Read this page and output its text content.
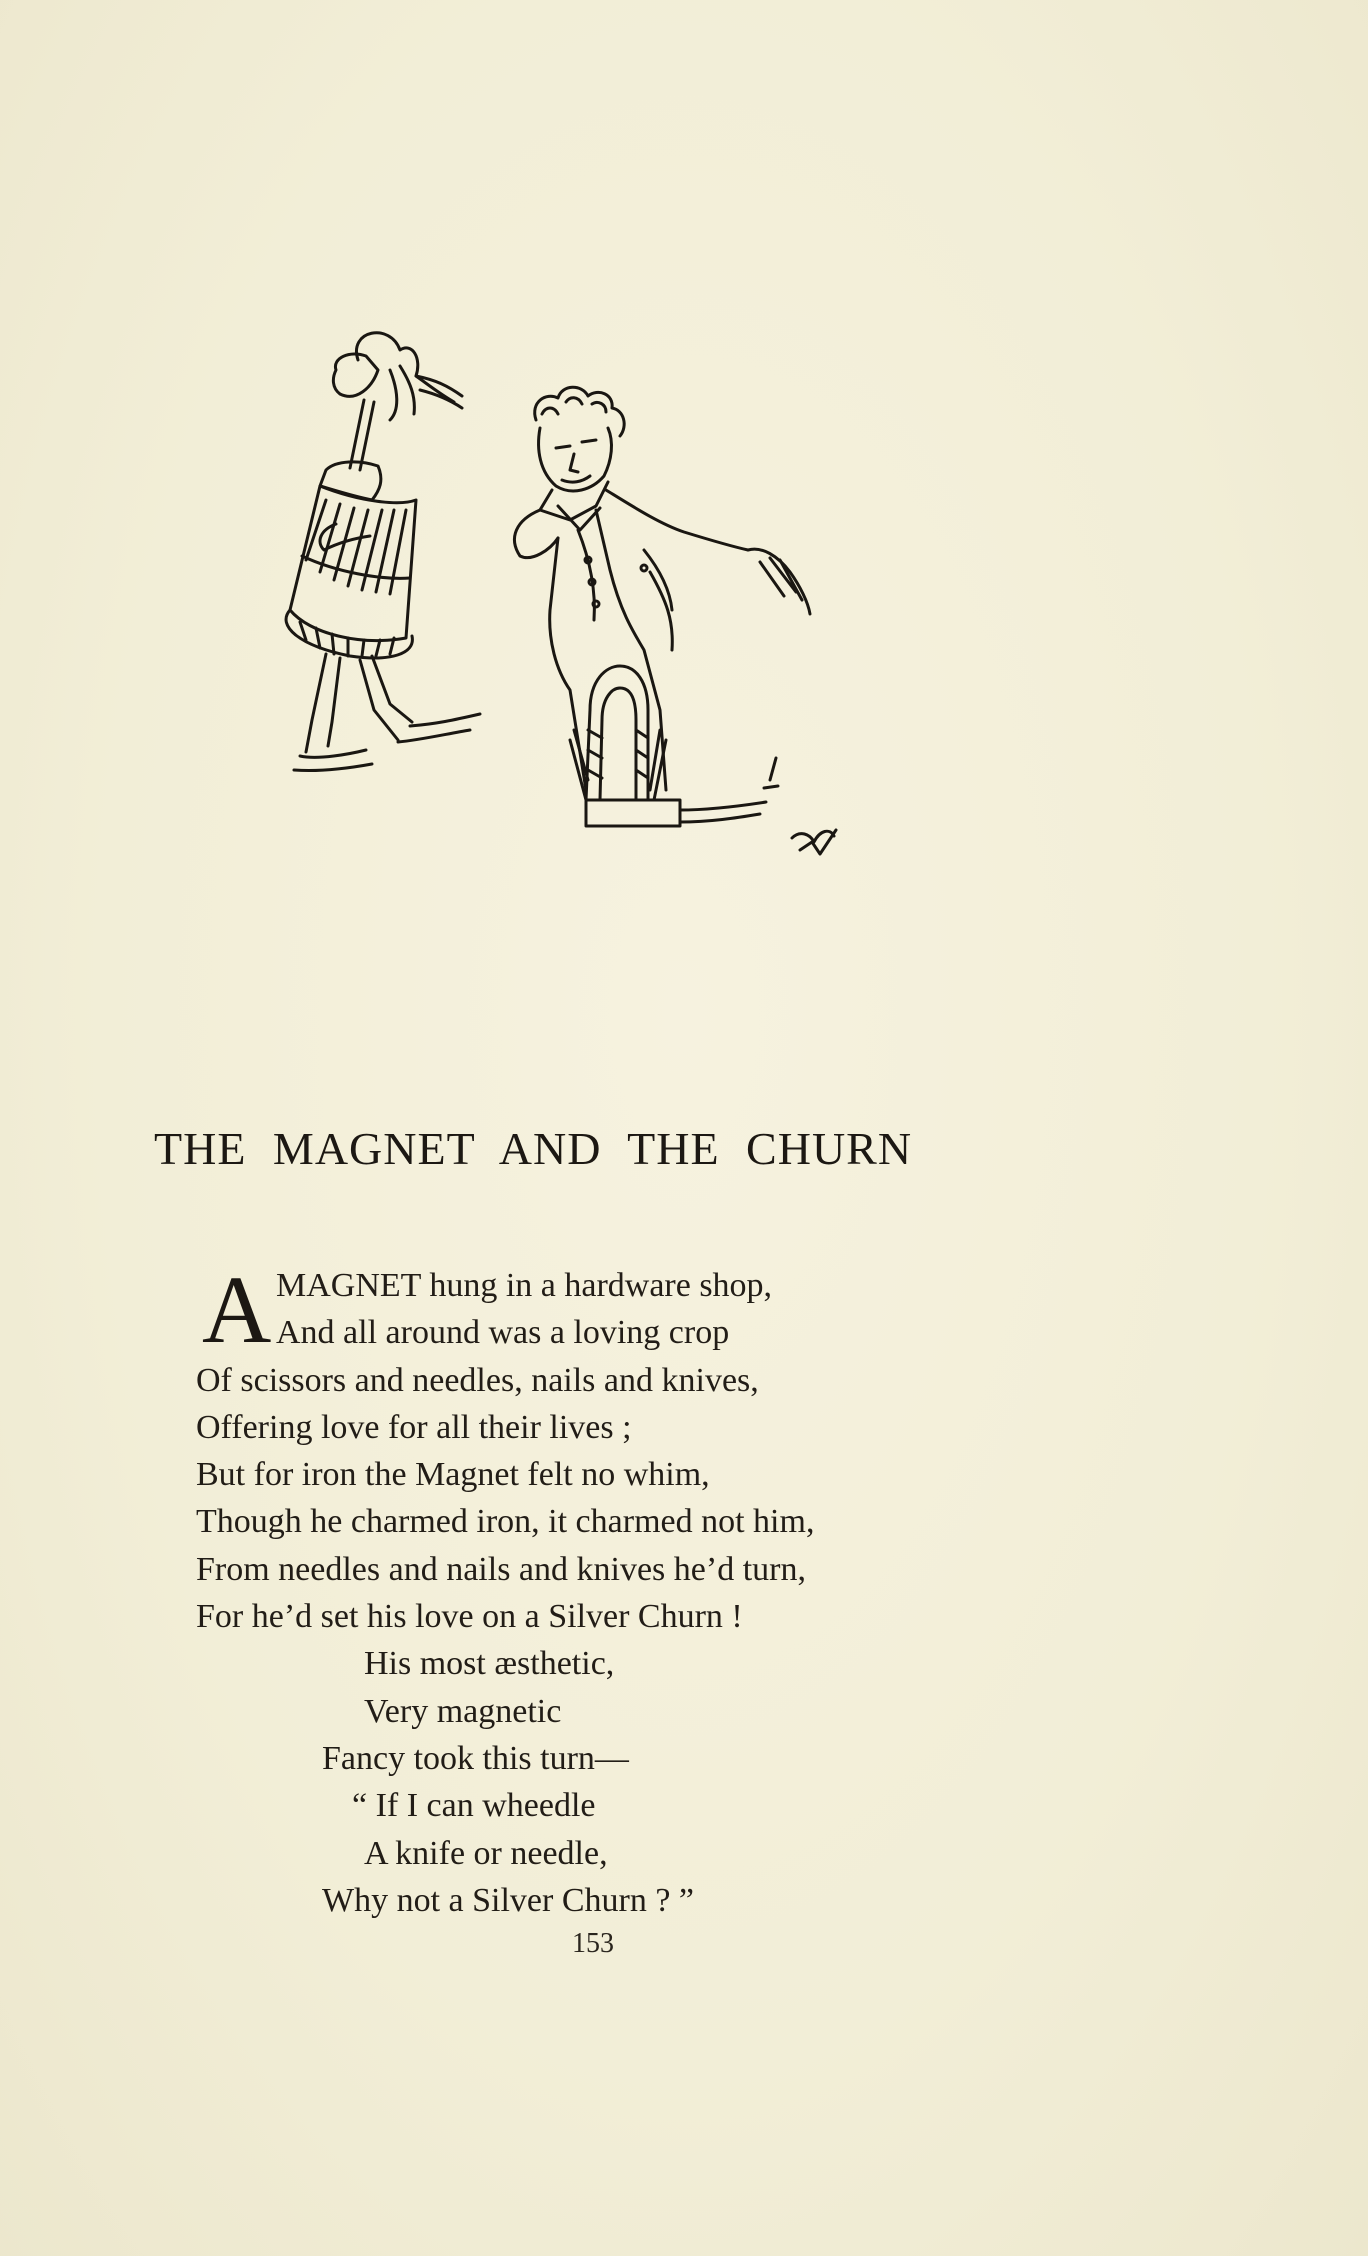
THE MAGNET AND THE CHURN
A MAGNET hung in a hardware shop,
And all around was a loving crop
Of scissors and needles, nails and knives,
Offering love for all their lives ;
But for iron the Magnet felt no whim,
Though he charmed iron, it charmed not him,
From needles and nails and knives he’d turn,
For he’d set his love on a Silver Churn !
His most æsthetic,
Very magnetic
Fancy took this turn—
“ If I can wheedle
A knife or needle,
Why not a Silver Churn ? ”
153
